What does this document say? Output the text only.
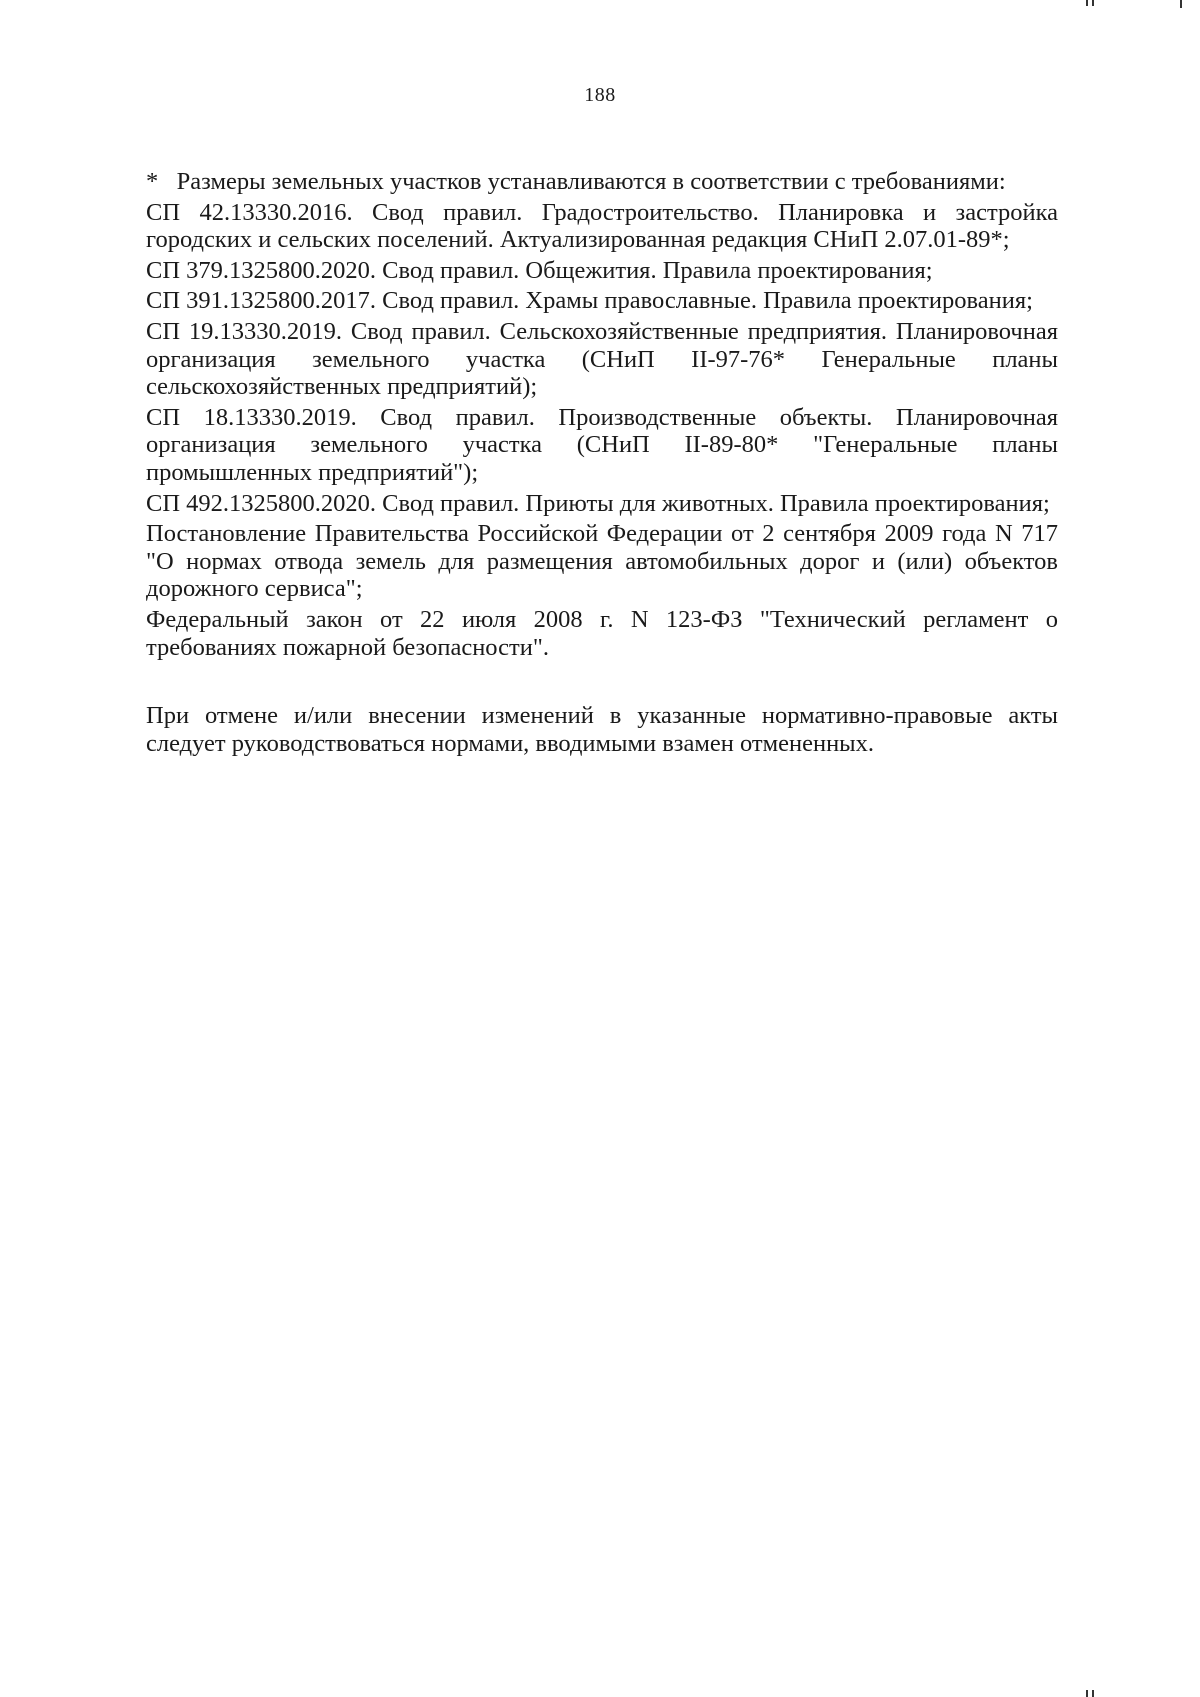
188

*   Размеры земельных участков устанавливаются в соответствии с требованиями:

СП 42.13330.2016. Свод правил. Градостроительство. Планировка и застройка городских и сельских поселений. Актуализированная редакция СНиП 2.07.01-89*;

СП 379.1325800.2020. Свод правил. Общежития. Правила проектирования;

СП 391.1325800.2017. Свод правил. Храмы православные. Правила проектирования;

СП 19.13330.2019. Свод правил. Сельскохозяйственные предприятия. Планировочная организация земельного участка (СНиП II-97-76* Генеральные планы сельскохозяйственных предприятий);

СП 18.13330.2019. Свод правил. Производственные объекты. Планировочная организация земельного участка (СНиП II-89-80* "Генеральные планы промышленных предприятий");

СП 492.1325800.2020. Свод правил. Приюты для животных. Правила проектирования;

Постановление Правительства Российской Федерации от 2 сентября 2009 года N 717 "О нормах отвода земель для размещения автомобильных дорог и (или) объектов дорожного сервиса";

Федеральный закон от 22 июля 2008 г. N 123-ФЗ "Технический регламент о требованиях пожарной безопасности".

При отмене и/или внесении изменений в указанные нормативно-правовые акты следует руководствоваться нормами, вводимыми взамен отмененных.
